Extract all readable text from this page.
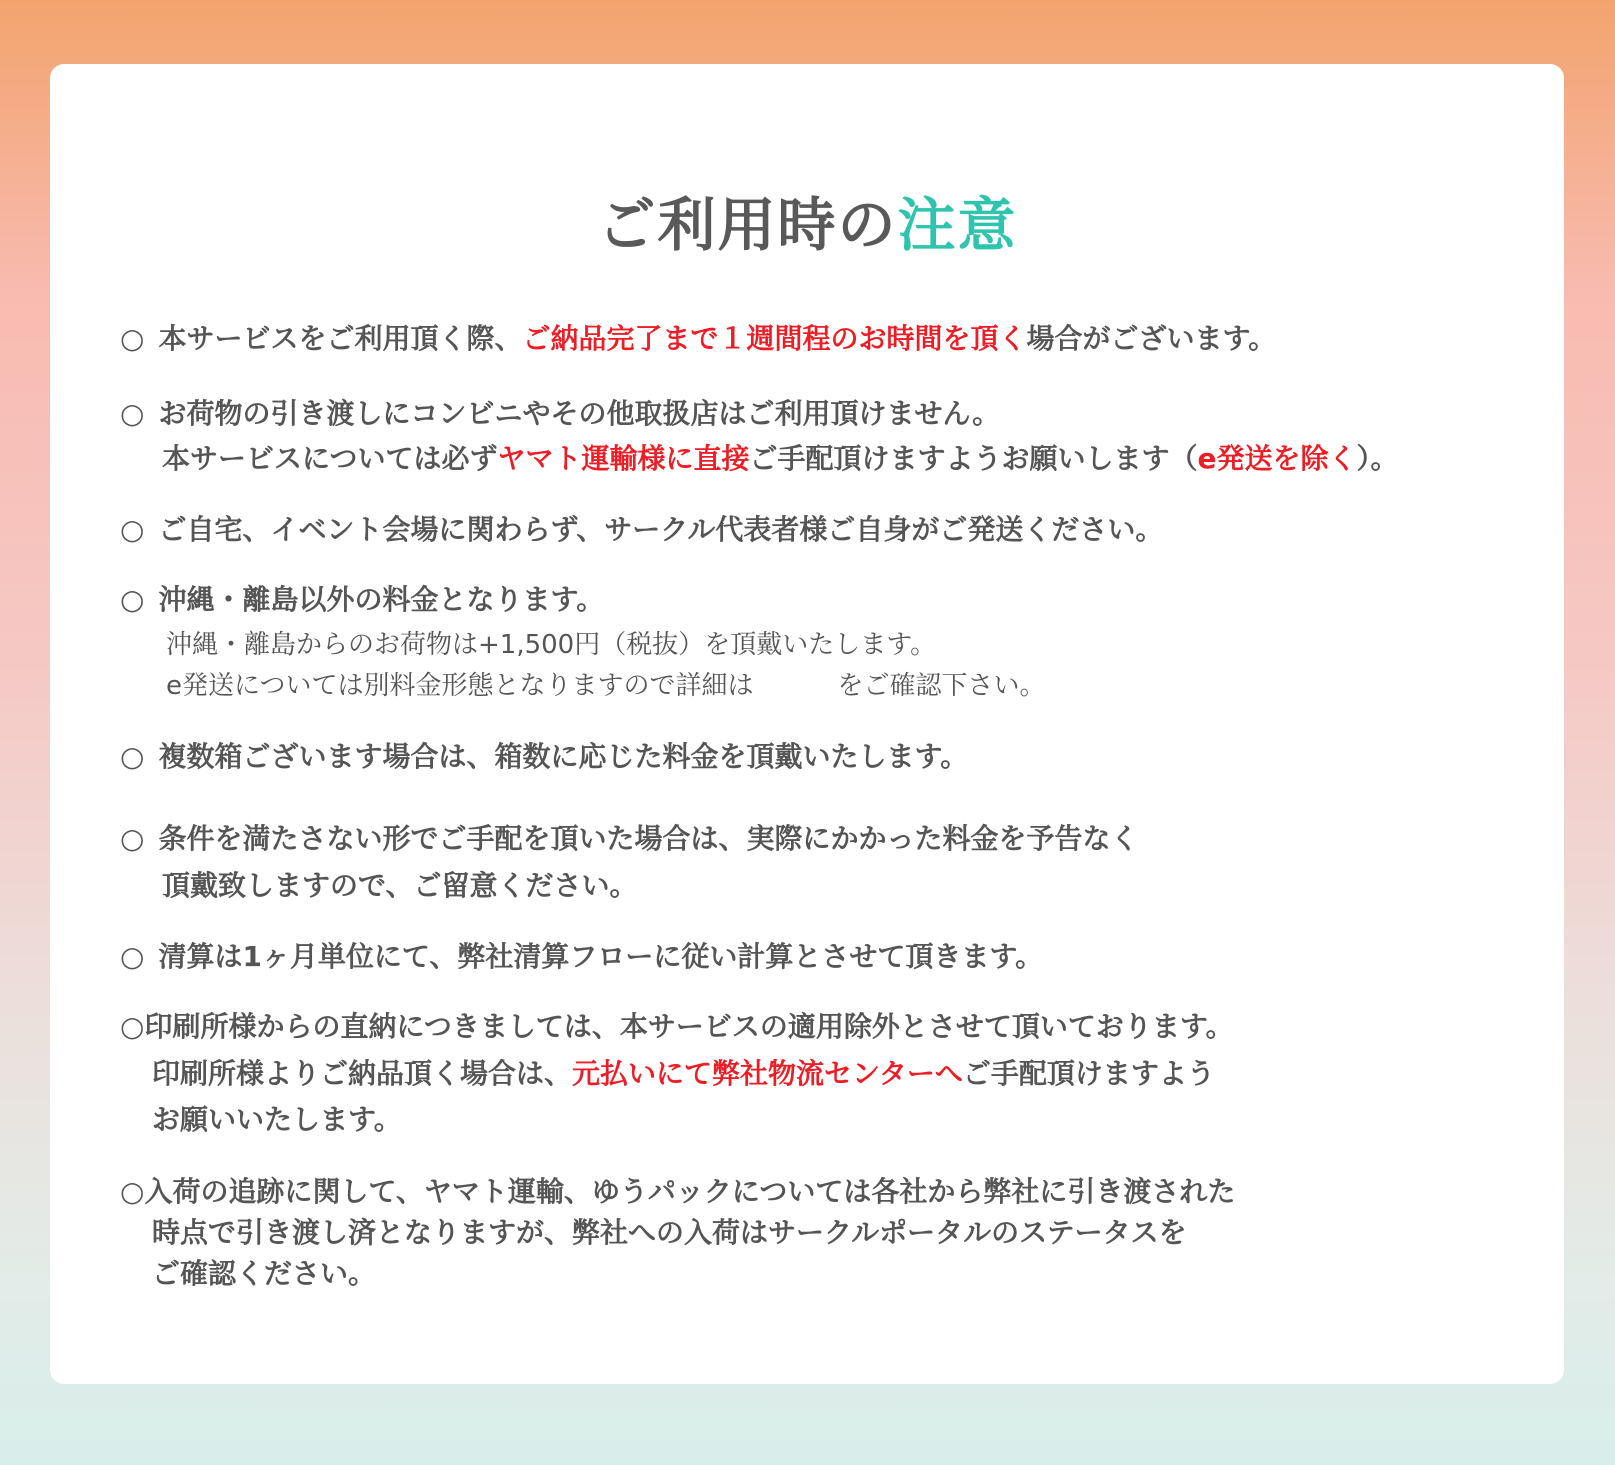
ご利用時の注意
○ 本サービスをご利用頂く際、ご納品完了まで１週間程のお時間を頂く場合がございます。
○ お荷物の引き渡しにコンビニやその他取扱店はご利用頂けません。
本サービスについては必ずヤマト運輸様に直接ご手配頂けますようお願いします（e発送を除く）。
○ ご自宅、イベント会場に関わらず、サークル代表者様ご自身がご発送ください。
○ 沖縄・離島以外の料金となります。
沖縄・離島からのお荷物は+1,500円（税抜）を頂戴いたします。
e発送については別料金形態となりますので詳細は	をご確認下さい。
○ 複数箱ございます場合は、箱数に応じた料金を頂戴いたします。
○ 条件を満たさない形でご手配を頂いた場合は、実際にかかった料金を予告なく
頂戴致しますので、ご留意ください。
○ 清算は1ヶ月単位にて、弊社清算フローに従い計算とさせて頂きます。
○印刷所様からの直納につきましては、本サービスの適用除外とさせて頂いております。
印刷所様よりご納品頂く場合は、元払いにて弊社物流センターへご手配頂けますよう
お願いいたします。
○入荷の追跡に関して、ヤマト運輸、ゆうパックについては各社から弊社に引き渡された
時点で引き渡し済となりますが、弊社への入荷はサークルポータルのステータスを
ご確認ください。
